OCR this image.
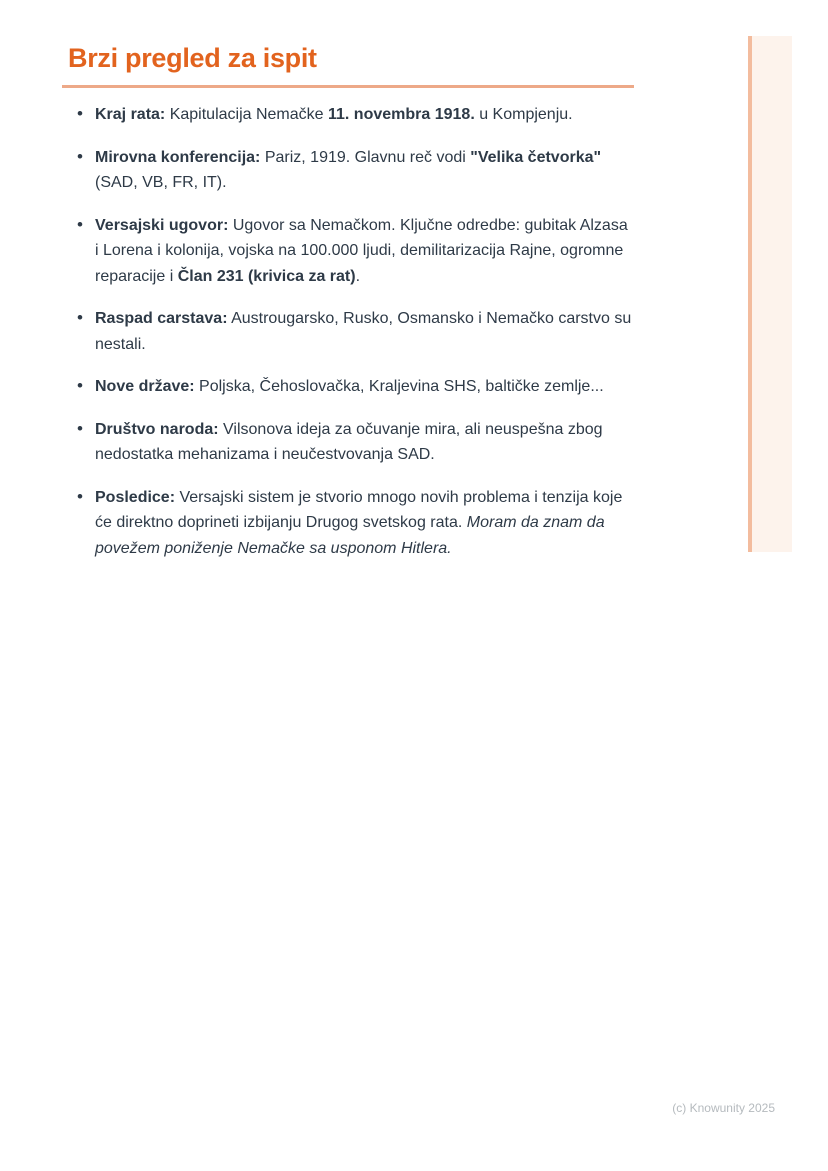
Brzi pregled za ispit
• Kraj rata: Kapitulacija Nemačke 11. novembra 1918. u Kompjenju.
• Mirovna konferencija: Pariz, 1919. Glavnu reč vodi "Velika četvorka" (SAD, VB, FR, IT).
• Versajski ugovor: Ugovor sa Nemačkom. Ključne odredbe: gubitak Alzasa i Lorena i kolonija, vojska na 100.000 ljudi, demilitarizacija Rajne, ogromne reparacije i Član 231 (krivica za rat).
• Raspad carstava: Austrougarsko, Rusko, Osmansko i Nemačko carstvo su nestali.
• Nove države: Poljska, Čehoslovačka, Kraljevina SHS, baltičke zemlje...
• Društvo naroda: Vilsonova ideja za očuvanje mira, ali neuspešna zbog nedostatka mehanizama i neučestvovanja SAD.
• Posledice: Versajski sistem je stvorio mnogo novih problema i tenzija koje će direktno doprineti izbijanju Drugog svetskog rata. Moram da znam da povežem poniženje Nemačke sa usponom Hitlera.
(c) Knowunity 2025
